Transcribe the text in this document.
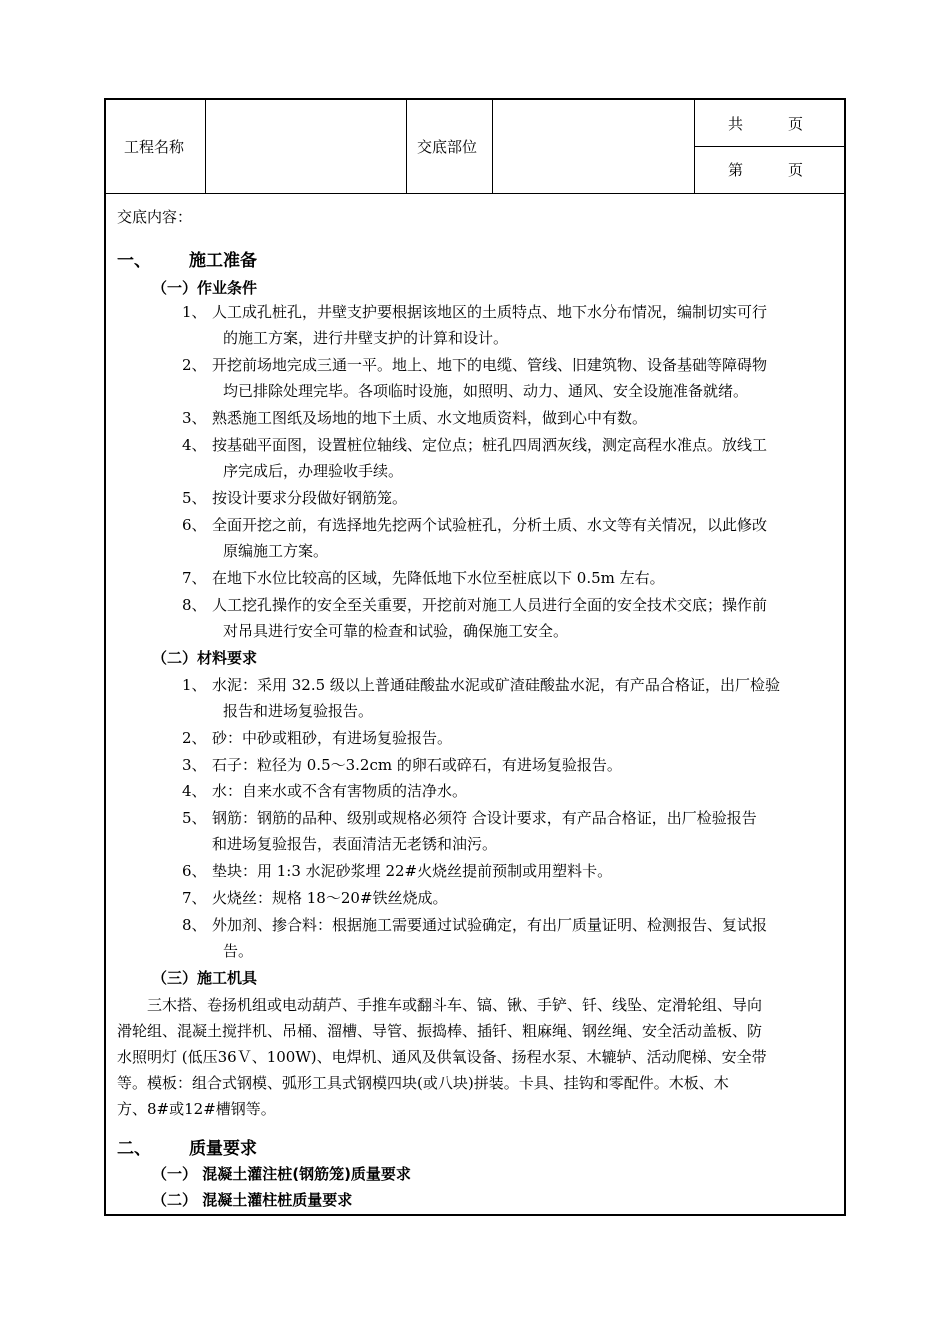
工程名称	交底部位
共　　　页
第　　　页
交底内容：
一、 施工准备
（一）作业条件
1、 人工成孔桩孔，井壁支护要根据该地区的土质特点、地下水分布情况，编制切实可行
的施工方案，进行井壁支护的计算和设计。
2、 开挖前场地完成三通一平。地上、地下的电缆、管线、旧建筑物、设备基础等障碍物
均已排除处理完毕。各项临时设施，如照明、动力、通风、安全设施准备就绪。
3、 熟悉施工图纸及场地的地下土质、水文地质资料，做到心中有数。
4、 按基础平面图，设置桩位轴线、定位点；桩孔四周洒灰线，测定高程水准点。放线工
序完成后，办理验收手续。
5、 按设计要求分段做好钢筋笼。
6、 全面开挖之前，有选择地先挖两个试验桩孔，分析土质、水文等有关情况，以此修改
原编施工方案。
7、 在地下水位比较高的区域，先降低地下水位至桩底以下 0.5m 左右。
8、 人工挖孔操作的安全至关重要，开挖前对施工人员进行全面的安全技术交底；操作前
对吊具进行安全可靠的检查和试验，确保施工安全。
（二）材料要求
1、 水泥：采用 32.5 级以上普通硅酸盐水泥或矿渣硅酸盐水泥，有产品合格证，出厂检验
报告和进场复验报告。
2、 砂：中砂或粗砂，有进场复验报告。
3、 石子：粒径为 0.5～3.2cm 的卵石或碎石，有进场复验报告。
4、 水：自来水或不含有害物质的洁净水。
5、 钢筋：钢筋的品种、级别或规格必须符 合设计要求，有产品合格证，出厂检验报告
和进场复验报告，表面清洁无老锈和油污。
6、 垫块：用 1:3 水泥砂浆埋 22#火烧丝提前预制或用塑料卡。
7、 火烧丝：规格 18～20#铁丝烧成。
8、 外加剂、掺合料：根据施工需要通过试验确定，有出厂质量证明、检测报告、复试报
告。
（三）施工机具
三木搭、卷扬机组或电动葫芦、手推车或翻斗车、镐、锹、手铲、钎、线坠、定滑轮组、导向
滑轮组、混凝土搅拌机、吊桶、溜槽、导管、振捣棒、插钎、粗麻绳、钢丝绳、安全活动盖板、防
水照明灯 (低压36Ｖ、100W)、电焊机、通风及供氧设备、扬程水泵、木辘轳、活动爬梯、安全带
等。模板：组合式钢模、弧形工具式钢模四块(或八块)拼装。卡具、挂钩和零配件。木板、木
方、8#或12#槽钢等。
二、 质量要求
（一） 混凝土灌注桩(钢筋笼)质量要求
（二） 混凝土灌柱桩质量要求
